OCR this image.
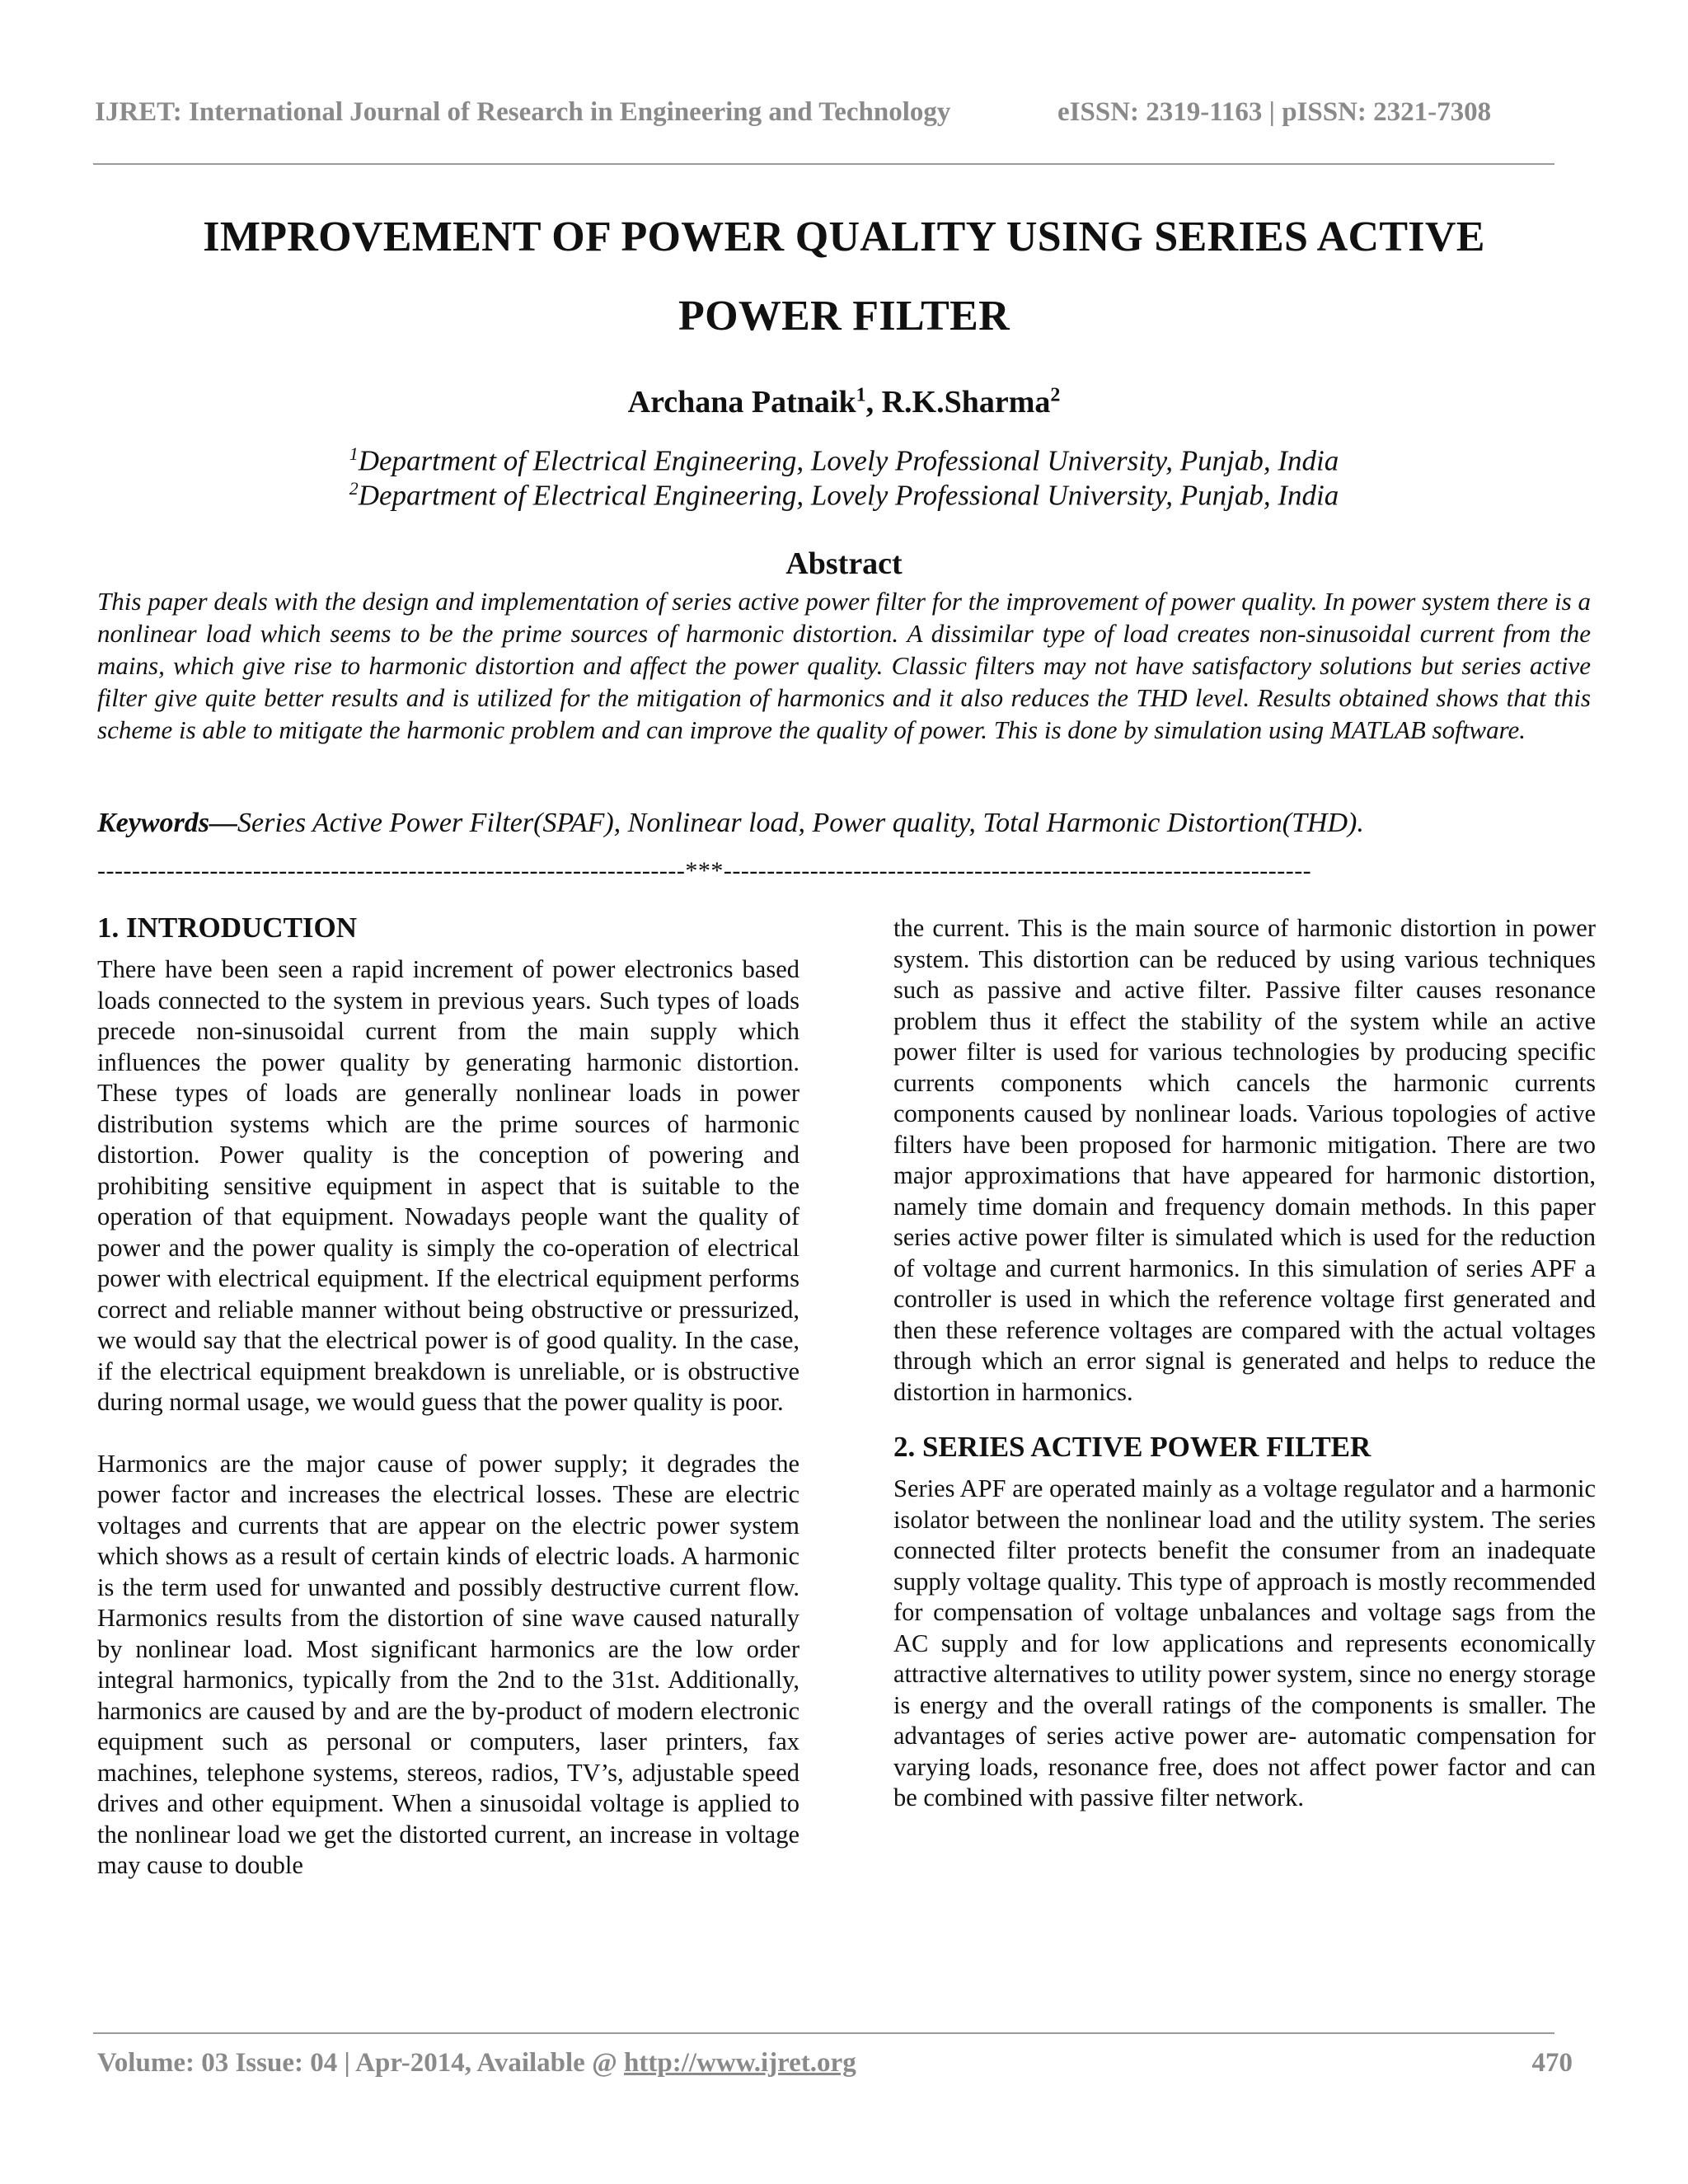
IJRET: International Journal of Research in Engineering and Technology	eISSN: 2319-1163 | pISSN: 2321-7308
IMPROVEMENT OF POWER QUALITY USING SERIES ACTIVE
POWER FILTER
Archana Patnaik$^1$, R.K.Sharma$^2$
$^1$Department of Electrical Engineering, Lovely Professional University, Punjab, India
$^2$Department of Electrical Engineering, Lovely Professional University, Punjab, India
Abstract
This paper deals with the design and implementation of series active power filter for the improvement of power quality. In power system there is a nonlinear load which seems to be the prime sources of harmonic distortion. A dissimilar type of load creates non-sinusoidal current from the mains, which give rise to harmonic distortion and affect the power quality. Classic filters may not have satisfactory solutions but series active filter give quite better results and is utilized for the mitigation of harmonics and it also reduces the THD level. Results obtained shows that this scheme is able to mitigate the harmonic problem and can improve the quality of power. This is done by simulation using MATLAB software.
Keywords—Series Active Power Filter(SPAF), Nonlinear load, Power quality, Total Harmonic Distortion(THD).
--------------------------------------------------------------------***--------------------------------------------------------------------
1. INTRODUCTION

There have been seen a rapid increment of power electronics based loads connected to the system in previous years. Such types of loads precede non-sinusoidal current from the main supply which influences the power quality by generating harmonic distortion. These types of loads are generally nonlinear loads in power distribution systems which are the prime sources of harmonic distortion. Power quality is the conception of powering and prohibiting sensitive equipment in aspect that is suitable to the operation of that equipment. Nowadays people want the quality of power and the power quality is simply the co-operation of electrical power with electrical equipment. If the electrical equipment performs correct and reliable manner without being obstructive or pressurized, we would say that the electrical power is of good quality. In the case, if the electrical equipment breakdown is unreliable, or is obstructive during normal usage, we would guess that the power quality is poor.

Harmonics are the major cause of power supply; it degrades the power factor and increases the electrical losses. These are electric voltages and currents that are appear on the electric power system which shows as a result of certain kinds of electric loads. A harmonic is the term used for unwanted and possibly destructive current flow. Harmonics results from the distortion of sine wave caused naturally by nonlinear load. Most significant harmonics are the low order integral harmonics, typically from the 2nd to the 31st. Additionally, harmonics are caused by and are the by-product of modern electronic equipment such as personal or computers, laser printers, fax machines, telephone systems, stereos, radios, TV’s, adjustable speed drives and other equipment. When a sinusoidal voltage is applied to the nonlinear load we get the distorted current, an increase in voltage may cause to double

the current. This is the main source of harmonic distortion in power system. This distortion can be reduced by using various techniques such as passive and active filter. Passive filter causes resonance problem thus it effect the stability of the system while an active power filter is used for various technologies by producing specific currents components which cancels the harmonic currents components caused by nonlinear loads. Various topologies of active filters have been proposed for harmonic mitigation. There are two major approximations that have appeared for harmonic distortion, namely time domain and frequency domain methods. In this paper series active power filter is simulated which is used for the reduction of voltage and current harmonics. In this simulation of series APF a controller is used in which the reference voltage first generated and then these reference voltages are compared with the actual voltages through which an error signal is generated and helps to reduce the distortion in harmonics.

2. SERIES ACTIVE POWER FILTER

Series APF are operated mainly as a voltage regulator and a harmonic isolator between the nonlinear load and the utility system. The series connected filter protects benefit the consumer from an inadequate supply voltage quality. This type of approach is mostly recommended for compensation of voltage unbalances and voltage sags from the AC supply and for low applications and represents economically attractive alternatives to utility power system, since no energy storage is energy and the overall ratings of the components is smaller. The advantages of series active power are- automatic compensation for varying loads, resonance free, does not affect power factor and can be combined with passive filter network.

Volume: 03 Issue: 04 | Apr-2014, Available @ http://www.ijret.org	470
